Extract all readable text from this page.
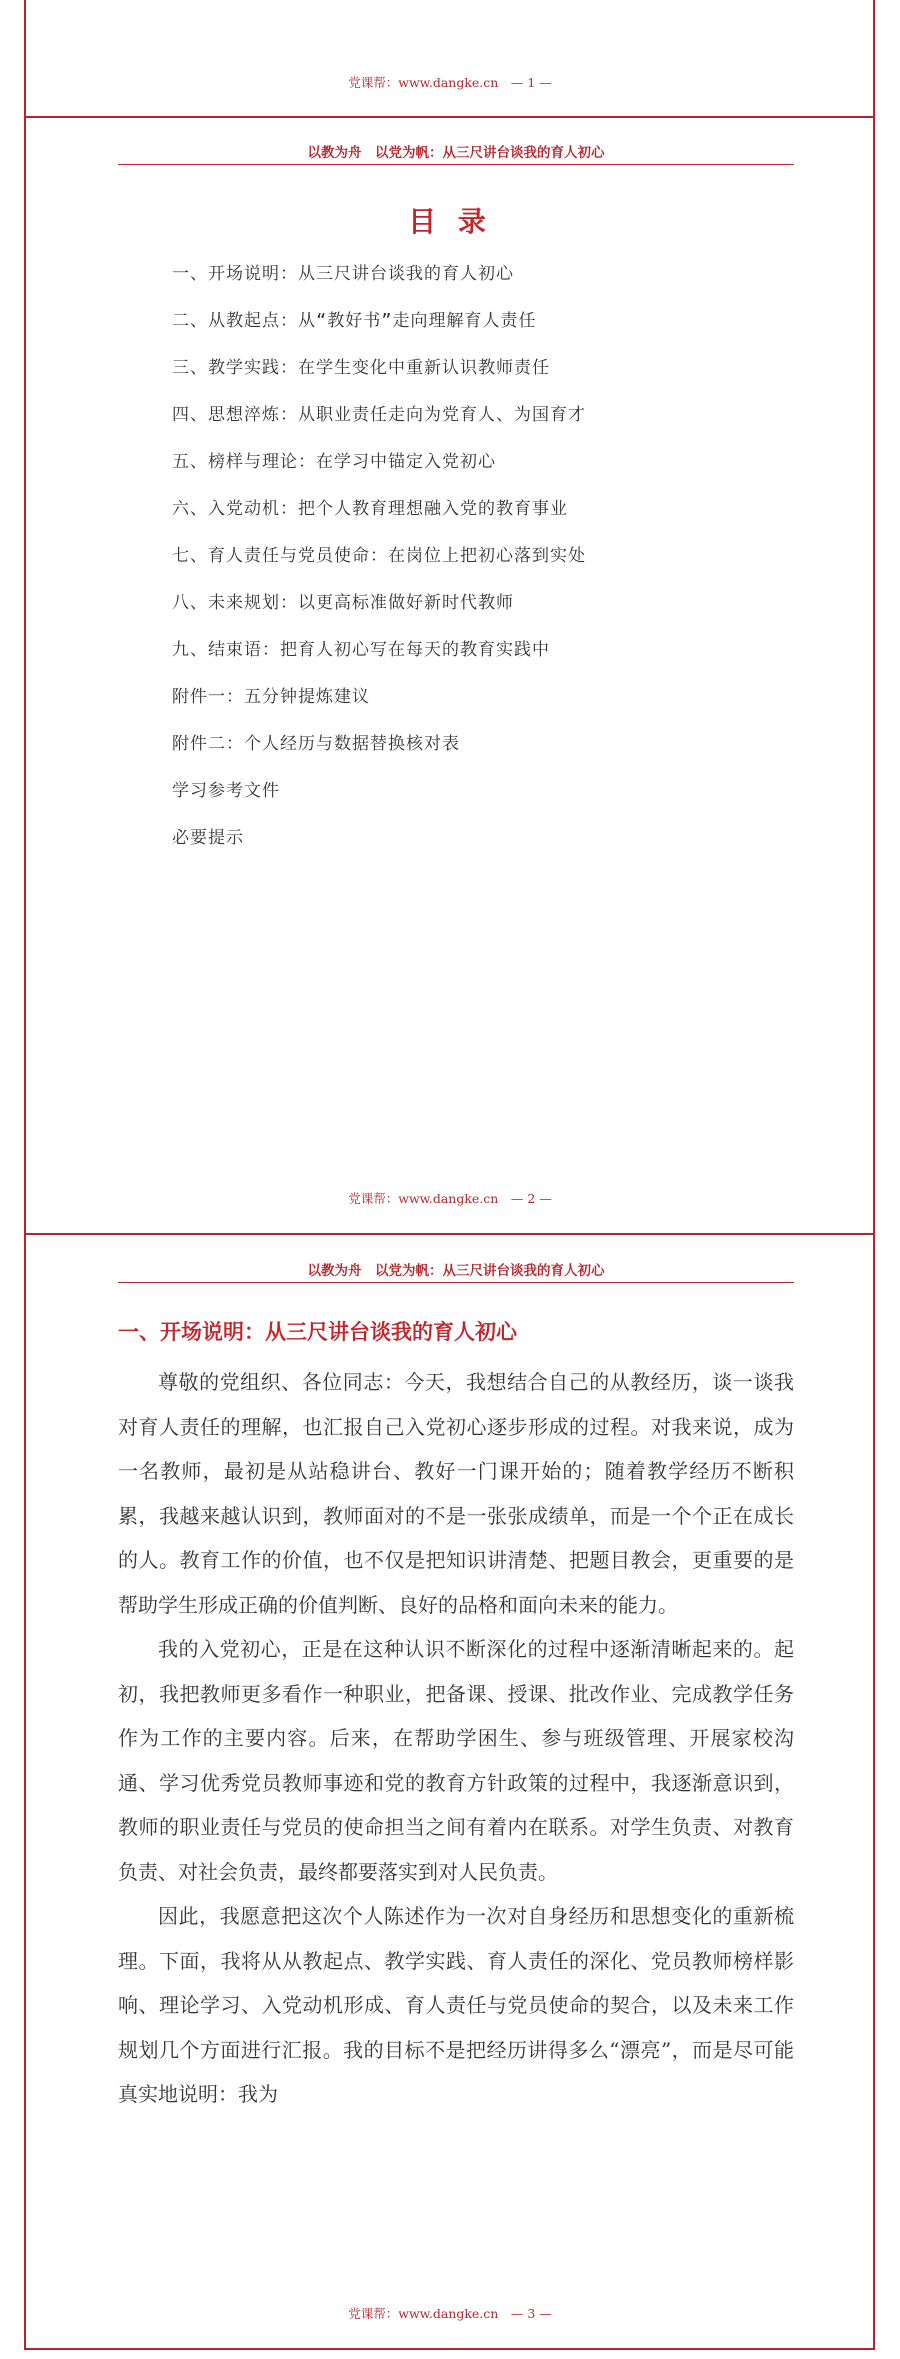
党课帮：www.dangke.cn　— 1 —
以教为舟　以党为帆：从三尺讲台谈我的育人初心
目 录
一、开场说明：从三尺讲台谈我的育人初心
二、从教起点：从“教好书”走向理解育人责任
三、教学实践：在学生变化中重新认识教师责任
四、思想淬炼：从职业责任走向为党育人、为国育才
五、榜样与理论：在学习中锚定入党初心
六、入党动机：把个人教育理想融入党的教育事业
七、育人责任与党员使命：在岗位上把初心落到实处
八、未来规划：以更高标准做好新时代教师
九、结束语：把育人初心写在每天的教育实践中
附件一：五分钟提炼建议
附件二：个人经历与数据替换核对表
学习参考文件
必要提示
党课帮：www.dangke.cn　— 2 —
以教为舟　以党为帆：从三尺讲台谈我的育人初心
一、开场说明：从三尺讲台谈我的育人初心

尊敬的党组织、各位同志：今天，我想结合自己的从教经历，谈一谈我对育人责任的理解，也汇报自己入党初心逐步形成的过程。对我来说，成为一名教师，最初是从站稳讲台、教好一门课开始的；随着教学经历不断积累，我越来越认识到，教师面对的不是一张张成绩单，而是一个个正在成长的人。教育工作的价值，也不仅是把知识讲清楚、把题目教会，更重要的是帮助学生形成正确的价值判断、良好的品格和面向未来的能力。

我的入党初心，正是在这种认识不断深化的过程中逐渐清晰起来的。起初，我把教师更多看作一种职业，把备课、授课、批改作业、完成教学任务作为工作的主要内容。后来，在帮助学困生、参与班级管理、开展家校沟通、学习优秀党员教师事迹和党的教育方针政策的过程中，我逐渐意识到，教师的职业责任与党员的使命担当之间有着内在联系。对学生负责、对教育负责、对社会负责，最终都要落实到对人民负责。

因此，我愿意把这次个人陈述作为一次对自身经历和思想变化的重新梳理。下面，我将从从教起点、教学实践、育人责任的深化、党员教师榜样影响、理论学习、入党动机形成、育人责任与党员使命的契合，以及未来工作规划几个方面进行汇报。我的目标不是把经历讲得多么“漂亮”，而是尽可能真实地说明：我为

党课帮：www.dangke.cn　— 3 —
